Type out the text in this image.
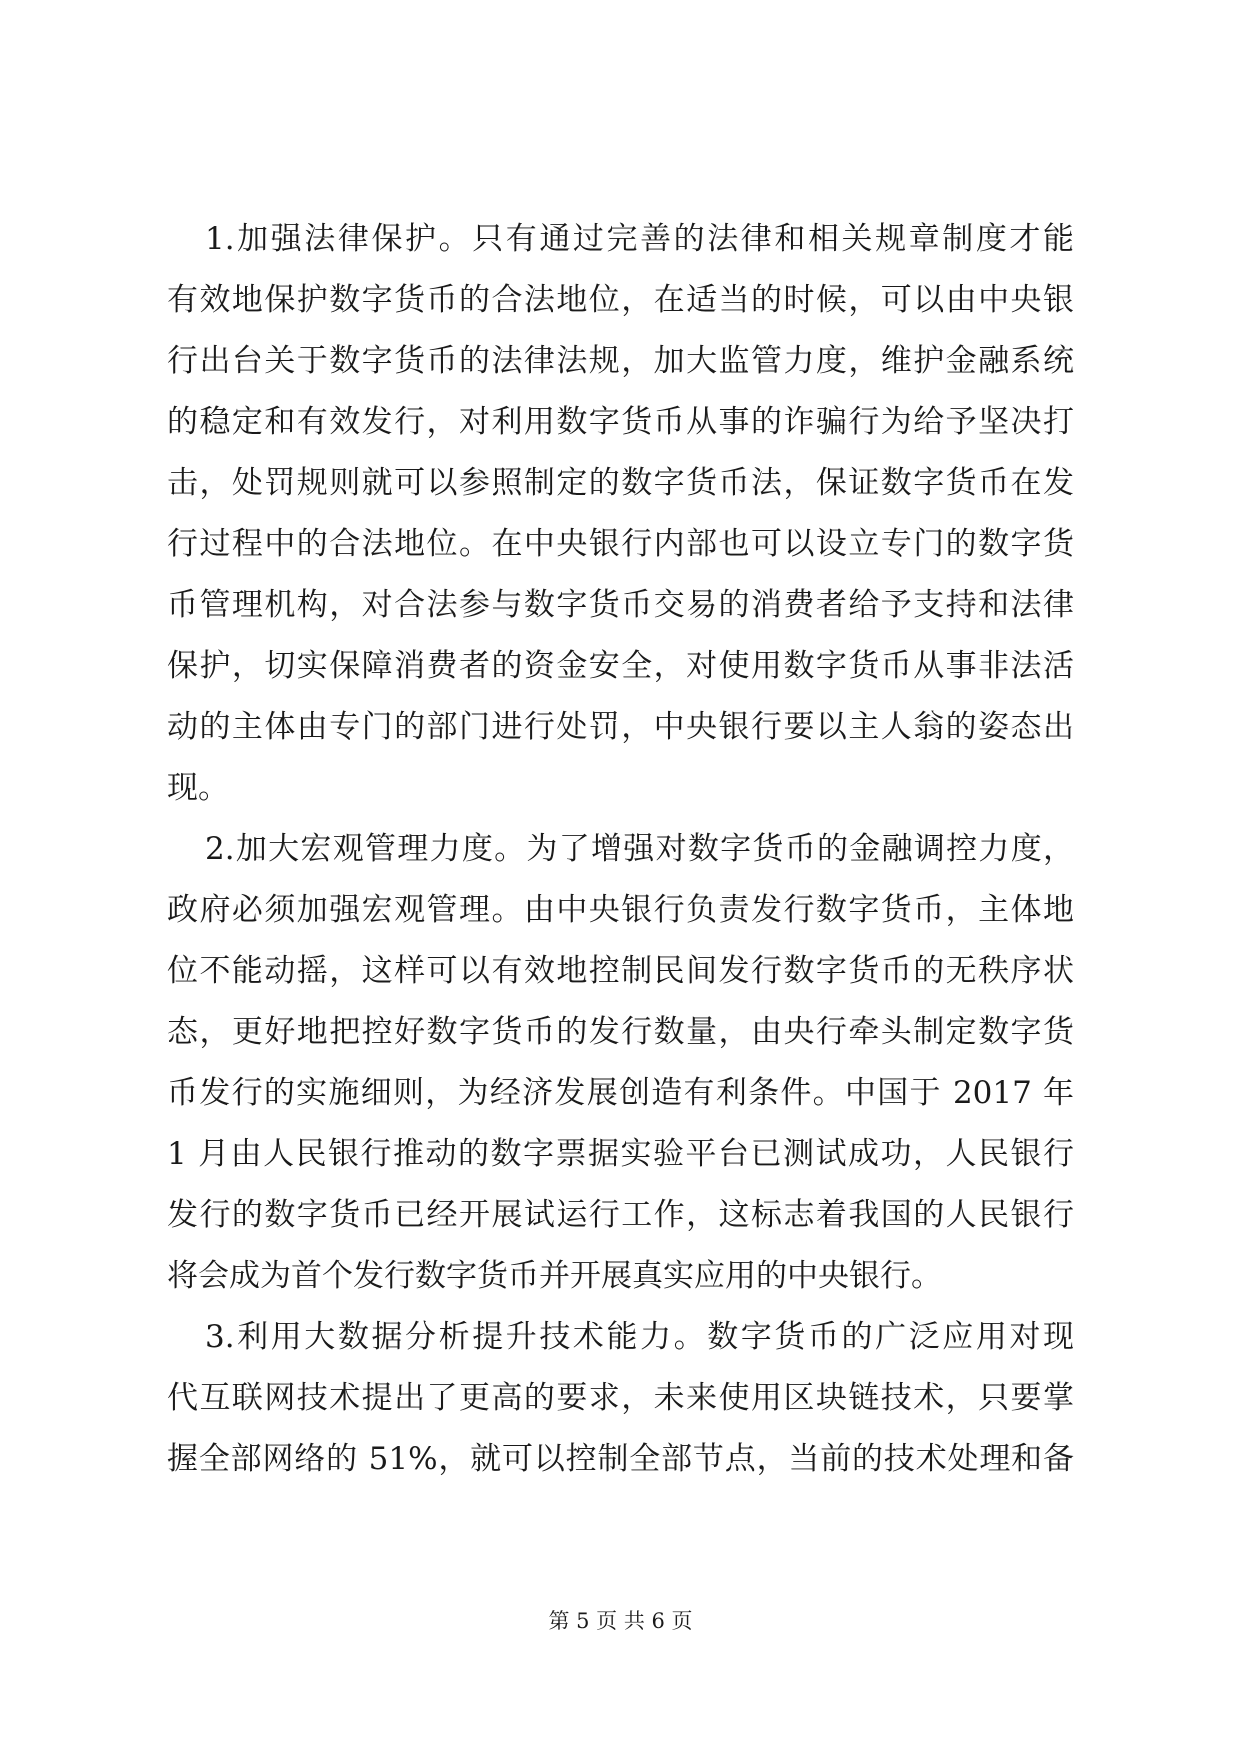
1.加强法律保护。只有通过完善的法律和相关规章制度才能
有效地保护数字货币的合法地位，在适当的时候，可以由中央银
行出台关于数字货币的法律法规，加大监管力度，维护金融系统
的稳定和有效发行，对利用数字货币从事的诈骗行为给予坚决打
击，处罚规则就可以参照制定的数字货币法，保证数字货币在发
行过程中的合法地位。在中央银行内部也可以设立专门的数字货
币管理机构，对合法参与数字货币交易的消费者给予支持和法律
保护，切实保障消费者的资金安全，对使用数字货币从事非法活
动的主体由专门的部门进行处罚，中央银行要以主人翁的姿态出
现。
2.加大宏观管理力度。为了增强对数字货币的金融调控力度，
政府必须加强宏观管理。由中央银行负责发行数字货币，主体地
位不能动摇，这样可以有效地控制民间发行数字货币的无秩序状
态，更好地把控好数字货币的发行数量，由央行牵头制定数字货
币发行的实施细则，为经济发展创造有利条件。中国于 2017 年
1 月由人民银行推动的数字票据实验平台已测试成功，人民银行
发行的数字货币已经开展试运行工作，这标志着我国的人民银行
将会成为首个发行数字货币并开展真实应用的中央银行。
3.利用大数据分析提升技术能力。数字货币的广泛应用对现
代互联网技术提出了更高的要求，未来使用区块链技术，只要掌
握全部网络的 51%，就可以控制全部节点，当前的技术处理和备
第 5 页 共 6 页
